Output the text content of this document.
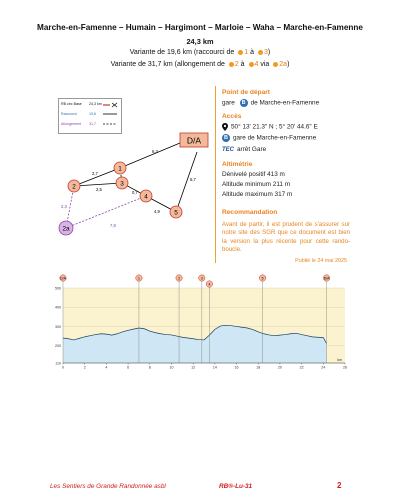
Marche-en-Famenne – Humain – Hargimont – Marloie – Waha – Marche-en-Famenne
24,3 km
Variante de 19,6 km (raccourci de 1 à 3)
Variante de 31,7 km (allongement de 2 à 4 via 2a)
D/A
1
2	3
4
5
2a
6,3
2,7
2,5
0,7
4,9
5,7
2,3
7,8
RB circ Base 24,3 km
Raccourci	19,6
Allongement 31,7
Point de départ
gare B de Marche-en-Famenne
Accès
50° 13' 21.3" N ; 5° 20' 44.6" E
B gare de Marche-en-Famenne
TEC arrêt Gare
Altimétrie
Dénivelé positif 413 m
Altitude minimum 211 m
Altitude maximum 317 m
Recommandation
Avant de partir, il est prudent de s'assurer sur notre site des SGR que ce document est bien la version la plus récente pour cette rando-boucle.
Publié le 24 mai 2025
500
400
300
200
110
0	2	4	6	8	10	12	14	16	18	20	22	24	26
km
D/A	1	2	3
4
5	D/A
Les Sentiers de Grande Randonnée asbl	RB®-Lu-31	2
